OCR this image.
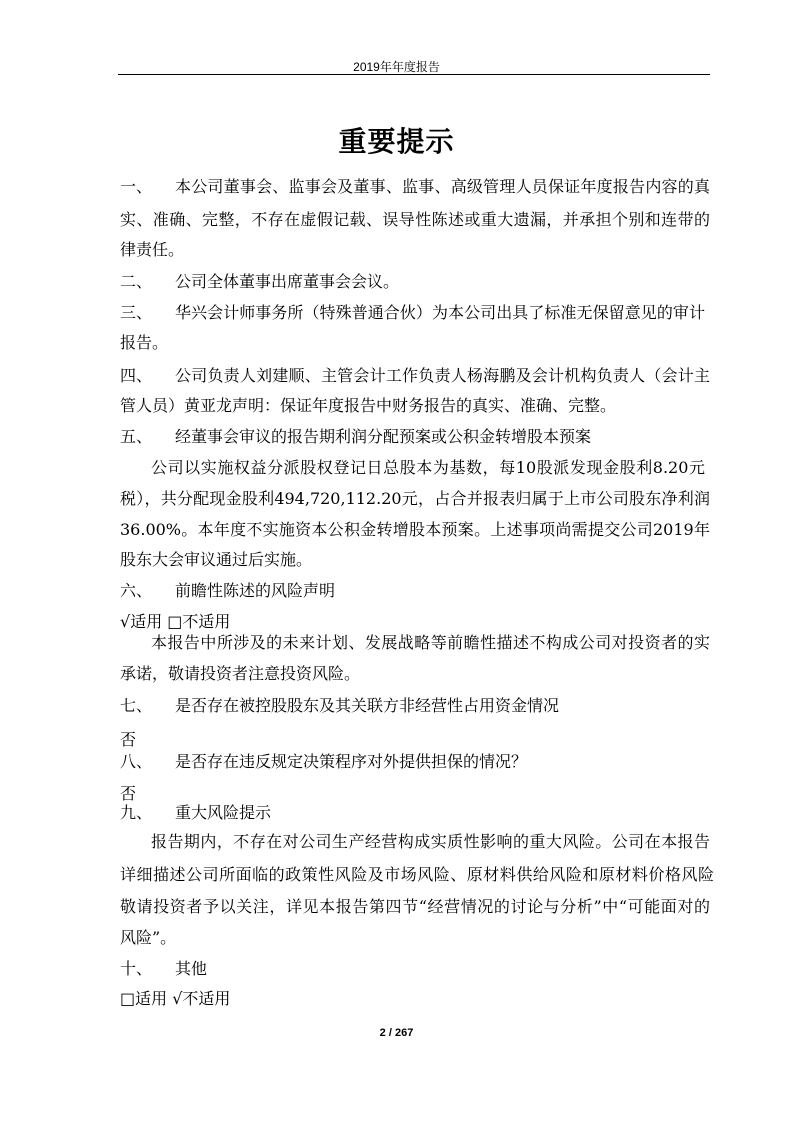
2019年年度报告
重要提示
一、 本公司董事会、监事会及董事、监事、高级管理人员保证年度报告内容的真
实、准确、完整，不存在虚假记载、误导性陈述或重大遗漏，并承担个别和连带的
律责任。
二、 公司全体董事出席董事会会议。
三、 华兴会计师事务所（特殊普通合伙）为本公司出具了标准无保留意见的审计
报告。
四、 公司负责人刘建顺、主管会计工作负责人杨海鹏及会计机构负责人（会计主
管人员）黄亚龙声明：保证年度报告中财务报告的真实、准确、完整。
五、 经董事会审议的报告期利润分配预案或公积金转增股本预案
公司以实施权益分派股权登记日总股本为基数，每10股派发现金股利8.20元
税），共分配现金股利494,720,112.20元，占合并报表归属于上市公司股东净利润
36.00%。本年度不实施资本公积金转增股本预案。上述事项尚需提交公司2019年
股东大会审议通过后实施。
六、 前瞻性陈述的风险声明
√适用 □不适用
本报告中所涉及的未来计划、发展战略等前瞻性描述不构成公司对投资者的实
承诺，敬请投资者注意投资风险。
七、 是否存在被控股股东及其关联方非经营性占用资金情况
否
八、 是否存在违反规定决策程序对外提供担保的情况？
否
九、 重大风险提示
报告期内，不存在对公司生产经营构成实质性影响的重大风险。公司在本报告
详细描述公司所面临的政策性风险及市场风险、原材料供给风险和原材料价格风险
敬请投资者予以关注，详见本报告第四节“经营情况的讨论与分析”中“可能面对的
风险”。
十、 其他
□适用 √不适用
2 / 267
